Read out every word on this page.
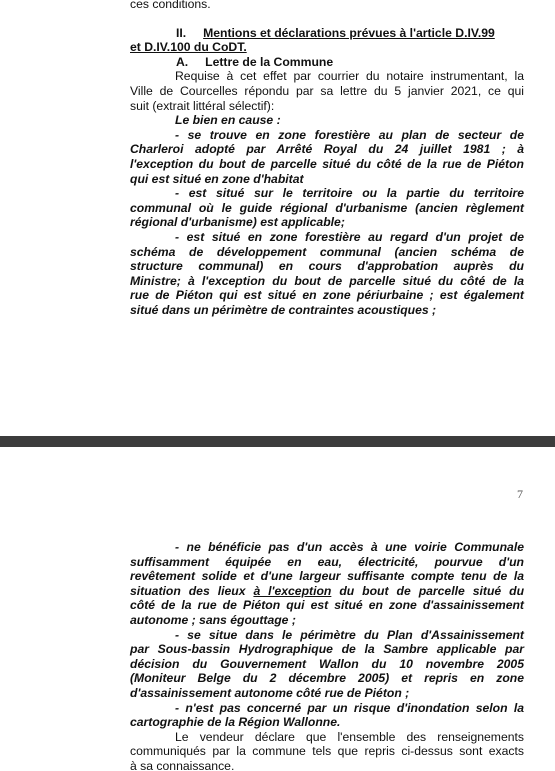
ces conditions.

II. Mentions et déclarations prévues à l'article D.IV.99

et D.IV.100 du CoDT.

A. Lettre de la Commune

Requise à cet effet par courrier du notaire instrumentant, la

Ville de Courcelles répondu par sa lettre du 5 janvier 2021, ce qui

suit (extrait littéral sélectif):

Le bien en cause :

- se trouve en zone forestière au plan de secteur de

Charleroi adopté par Arrêté Royal du 24 juillet 1981 ; à

l'exception du bout de parcelle situé du côté de la rue de Piéton

qui est situé en zone d'habitat

- est situé sur le territoire ou la partie du territoire

communal où le guide régional d'urbanisme (ancien règlement

régional d'urbanisme) est applicable;

- est situé en zone forestière au regard d'un projet de

schéma de développement communal (ancien schéma de

structure communal) en cours d'approbation auprès du

Ministre; à l'exception du bout de parcelle situé du côté de la

rue de Piéton qui est situé en zone périurbaine ; est également

situé dans un périmètre de contraintes acoustiques ;

7

- ne bénéficie pas d'un accès à une voirie Communale

suffisamment équipée en eau, électricité, pourvue d'un

revêtement solide et d'une largeur suffisante compte tenu de la

situation des lieux à l'exception du bout de parcelle situé du

côté de la rue de Piéton qui est situé en zone d'assainissement

autonome ; sans égouttage ;

- se situe dans le périmètre du Plan d'Assainissement

par Sous-bassin Hydrographique de la Sambre applicable par

décision du Gouvernement Wallon du 10 novembre 2005

(Moniteur Belge du 2 décembre 2005) et repris en zone

d'assainissement autonome côté rue de Piéton ;

- n'est pas concerné par un risque d'inondation selon la

cartographie de la Région Wallonne.

Le vendeur déclare que l'ensemble des renseignements

communiqués par la commune tels que repris ci-dessus sont exacts

à sa connaissance.
